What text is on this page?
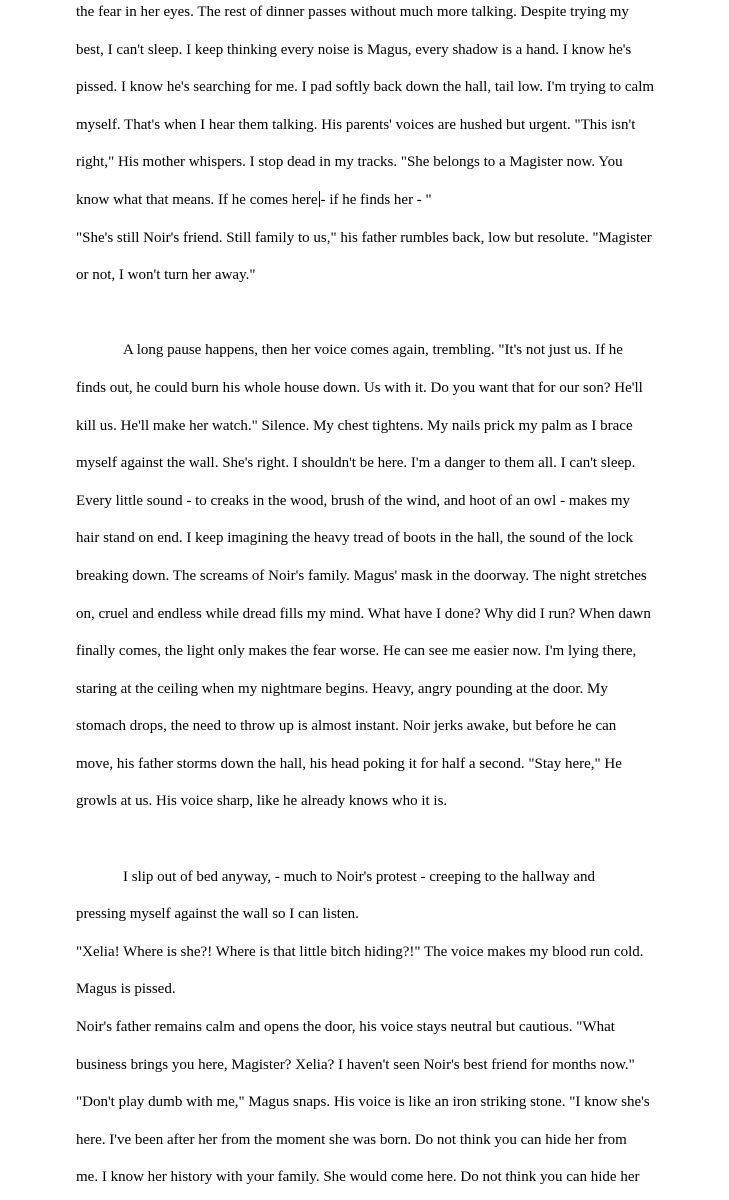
the fear in her eyes. The rest of dinner passes without much more talking. Despite trying my
best, I can't sleep. I keep thinking every noise is Magus, every shadow is a hand. I know he's
pissed. I know he's searching for me. I pad softly back down the hall, tail low. I'm trying to calm
myself. That's when I hear them talking. His parents' voices are hushed but urgent. "This isn't
right," His mother whispers. I stop dead in my tracks. "She belongs to a Magister now. You
know what that means. If he comes here - if he finds her - "
"She's still Noir's friend. Still family to us," his father rumbles back, low but resolute. "Magister
or not, I won't turn her away."
A long pause happens, then her voice comes again, trembling. "It's not just us. If he
finds out, he could burn his whole house down. Us with it. Do you want that for our son? He'll
kill us. He'll make her watch." Silence. My chest tightens. My nails prick my palm as I brace
myself against the wall. She's right. I shouldn't be here. I'm a danger to them all. I can't sleep.
Every little sound - to creaks in the wood, brush of the wind, and hoot of an owl - makes my
hair stand on end. I keep imagining the heavy tread of boots in the hall, the sound of the lock
breaking down. The screams of Noir's family. Magus' mask in the doorway. The night stretches
on, cruel and endless while dread fills my mind. What have I done? Why did I run? When dawn
finally comes, the light only makes the fear worse. He can see me easier now. I'm lying there,
staring at the ceiling when my nightmare begins. Heavy, angry pounding at the door. My
stomach drops, the need to throw up is almost instant. Noir jerks awake, but before he can
move, his father storms down the hall, his head poking it for half a second. "Stay here," He
growls at us. His voice sharp, like he already knows who it is.
I slip out of bed anyway, - much to Noir's protest - creeping to the hallway and
pressing myself against the wall so I can listen.
"Xelia! Where is she?! Where is that little bitch hiding?!" The voice makes my blood run cold.
Magus is pissed.
Noir's father remains calm and opens the door, his voice stays neutral but cautious. "What
business brings you here, Magister? Xelia? I haven't seen Noir's best friend for months now."
"Don't play dumb with me," Magus snaps. His voice is like an iron striking stone. "I know she's
here. I've been after her from the moment she was born. Do not think you can hide her from
me. I know her history with your family. She would come here. Do not think you can hide her
